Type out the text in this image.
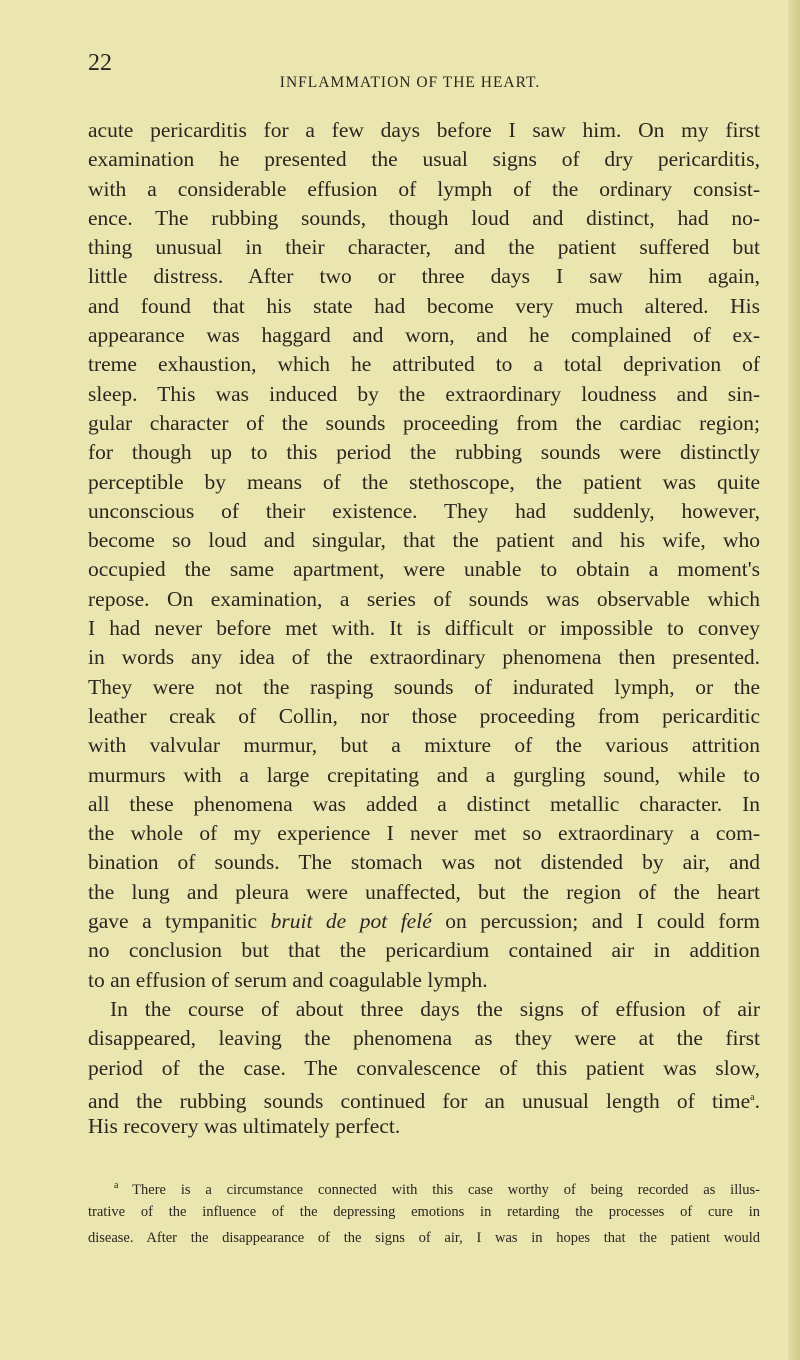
22
INFLAMMATION OF THE HEART.
acute pericarditis for a few days before I saw him. On my first
examination he presented the usual signs of dry pericarditis,
with a considerable effusion of lymph of the ordinary consist-
ence. The rubbing sounds, though loud and distinct, had no-
thing unusual in their character, and the patient suffered but
little distress. After two or three days I saw him again,
and found that his state had become very much altered. His
appearance was haggard and worn, and he complained of ex-
treme exhaustion, which he attributed to a total deprivation of
sleep. This was induced by the extraordinary loudness and sin-
gular character of the sounds proceeding from the cardiac region;
for though up to this period the rubbing sounds were distinctly
perceptible by means of the stethoscope, the patient was quite
unconscious of their existence. They had suddenly, however,
become so loud and singular, that the patient and his wife, who
occupied the same apartment, were unable to obtain a moment's
repose. On examination, a series of sounds was observable which
I had never before met with. It is difficult or impossible to convey
in words any idea of the extraordinary phenomena then presented.
They were not the rasping sounds of indurated lymph, or the
leather creak of Collin, nor those proceeding from pericarditic
with valvular murmur, but a mixture of the various attrition
murmurs with a large crepitating and a gurgling sound, while to
all these phenomena was added a distinct metallic character. In
the whole of my experience I never met so extraordinary a com-
bination of sounds. The stomach was not distended by air, and
the lung and pleura were unaffected, but the region of the heart
gave a tympanitic bruit de pot felé on percussion; and I could form
no conclusion but that the pericardium contained air in addition
to an effusion of serum and coagulable lymph.
In the course of about three days the signs of effusion of air
disappeared, leaving the phenomena as they were at the first
period of the case. The convalescence of this patient was slow,
and the rubbing sounds continued for an unusual length of time$^a$.
His recovery was ultimately perfect.
$^a$ There is a circumstance connected with this case worthy of being recorded as illus-
trative of the influence of the depressing emotions in retarding the processes of cure in
disease. After the disappearance of the signs of air, I was in hopes that the patient would
